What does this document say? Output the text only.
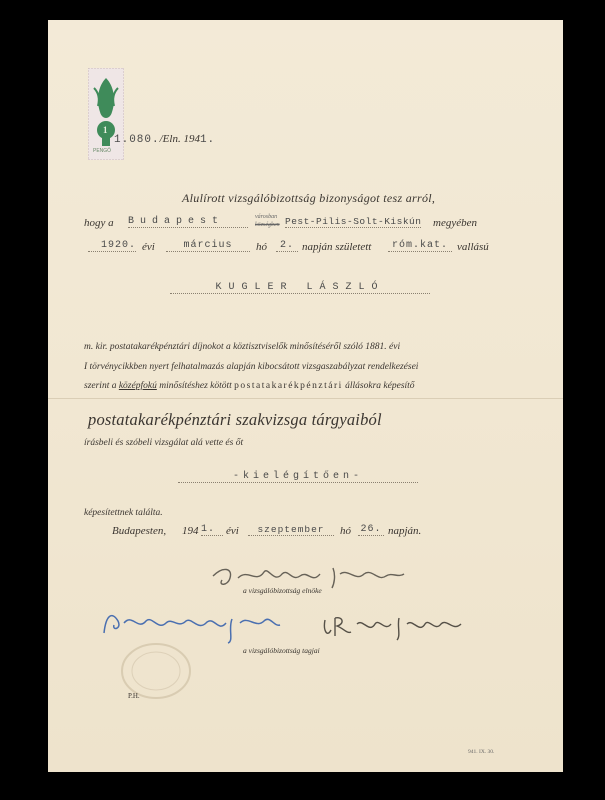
1
PENGŐ
1.080./Eln. 1941.
Alulírott vizsgálóbizottság bizonyságot tesz arról,
hogy a Budapest	városban
községben Pest-Pilis-Solt-Kiskún megyében
1920. évi	március	hó	2. napján született	róm.kat. vallású
KUGLER LÁSZLÓ
m. kir. postatakarékpénztári díjnokot a köztisztviselők minősítéséről szóló 1881. évi
I törvénycikkben nyert felhatalmazás alapján kibocsátott vizsgaszabályzat rendelkezései
szerint a középfokú minősítéshez kötött postatakarékpénztári állásokra képesítő
postatakarékpénztári szakvizsga tárgyaiból
írásbeli és szóbeli vizsgálat alá vette és őt
-kielégítően-
képesítettnek találta.
Budapesten, 194 1. évi	szeptember	hó 26. napján.
a vizsgálóbizottság elnöke
a vizsgálóbizottság tagjai
P.H.
941. IX. 30.
